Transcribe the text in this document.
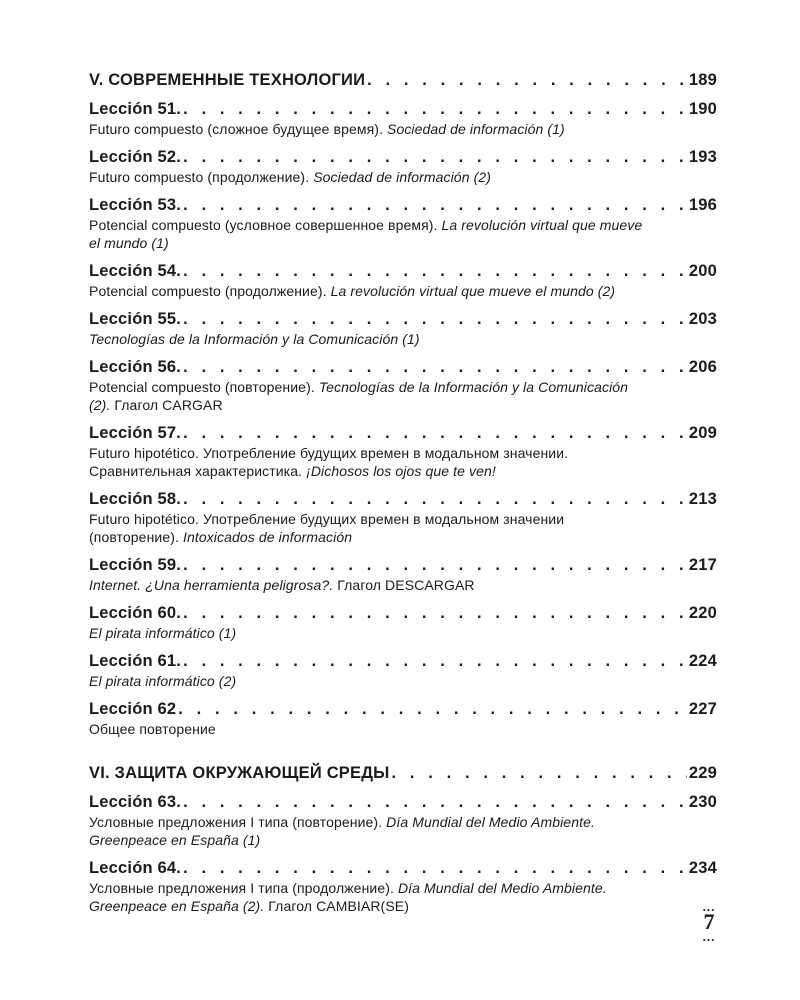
V. СОВРЕМЕННЫЕ ТЕХНОЛОГИИ . . .	189
Lección 51. . . .	190
Futuro compuesto (сложное будущее время). Sociedad de información (1)
Lección 52. . . .	193
Futuro compuesto (продолжение). Sociedad de información (2)
Lección 53. . . .	196
Potencial compuesto (условное совершенное время). La revolución virtual que mueve el mundo (1)
Lección 54. . . .	200
Potencial compuesto (продолжение). La revolución virtual que mueve el mundo (2)
Lección 55. . . .	203
Tecnologías de la Información y la Comunicación (1)
Lección 56. . . .	206
Potencial compuesto (повторение). Tecnologías de la Información y la Comunicación (2). Глагол CARGAR
Lección 57. . . .	209
Futuro hipotético. Употребление будущих времен в модальном значении. Сравнительная характеристика. ¡Dichosos los ojos que te ven!
Lección 58. . . .	213
Futuro hipotético. Употребление будущих времен в модальном значении (повторение). Intoxicados de información
Lección 59. . . .	217
Internet. ¿Una herramienta peligrosa?. Глагол DESCARGAR
Lección 60. . . .	220
El pirata informático (1)
Lección 61. . . .	224
El pirata informático (2)
Lección 62 . . .	227
Общее повторение
VI. ЗАЩИТА ОКРУЖАЮЩЕЙ СРЕДЫ . . .	229
Lección 63. . . .	230
Условные предложения I типа (повторение). Día Mundial del Medio Ambiente. Greenpeace en España (1)
Lección 64. . . .	234
Условные предложения I типа (продолжение). Día Mundial del Medio Ambiente. Greenpeace en España (2). Глагол CAMBIAR(SE)	...
7
...
